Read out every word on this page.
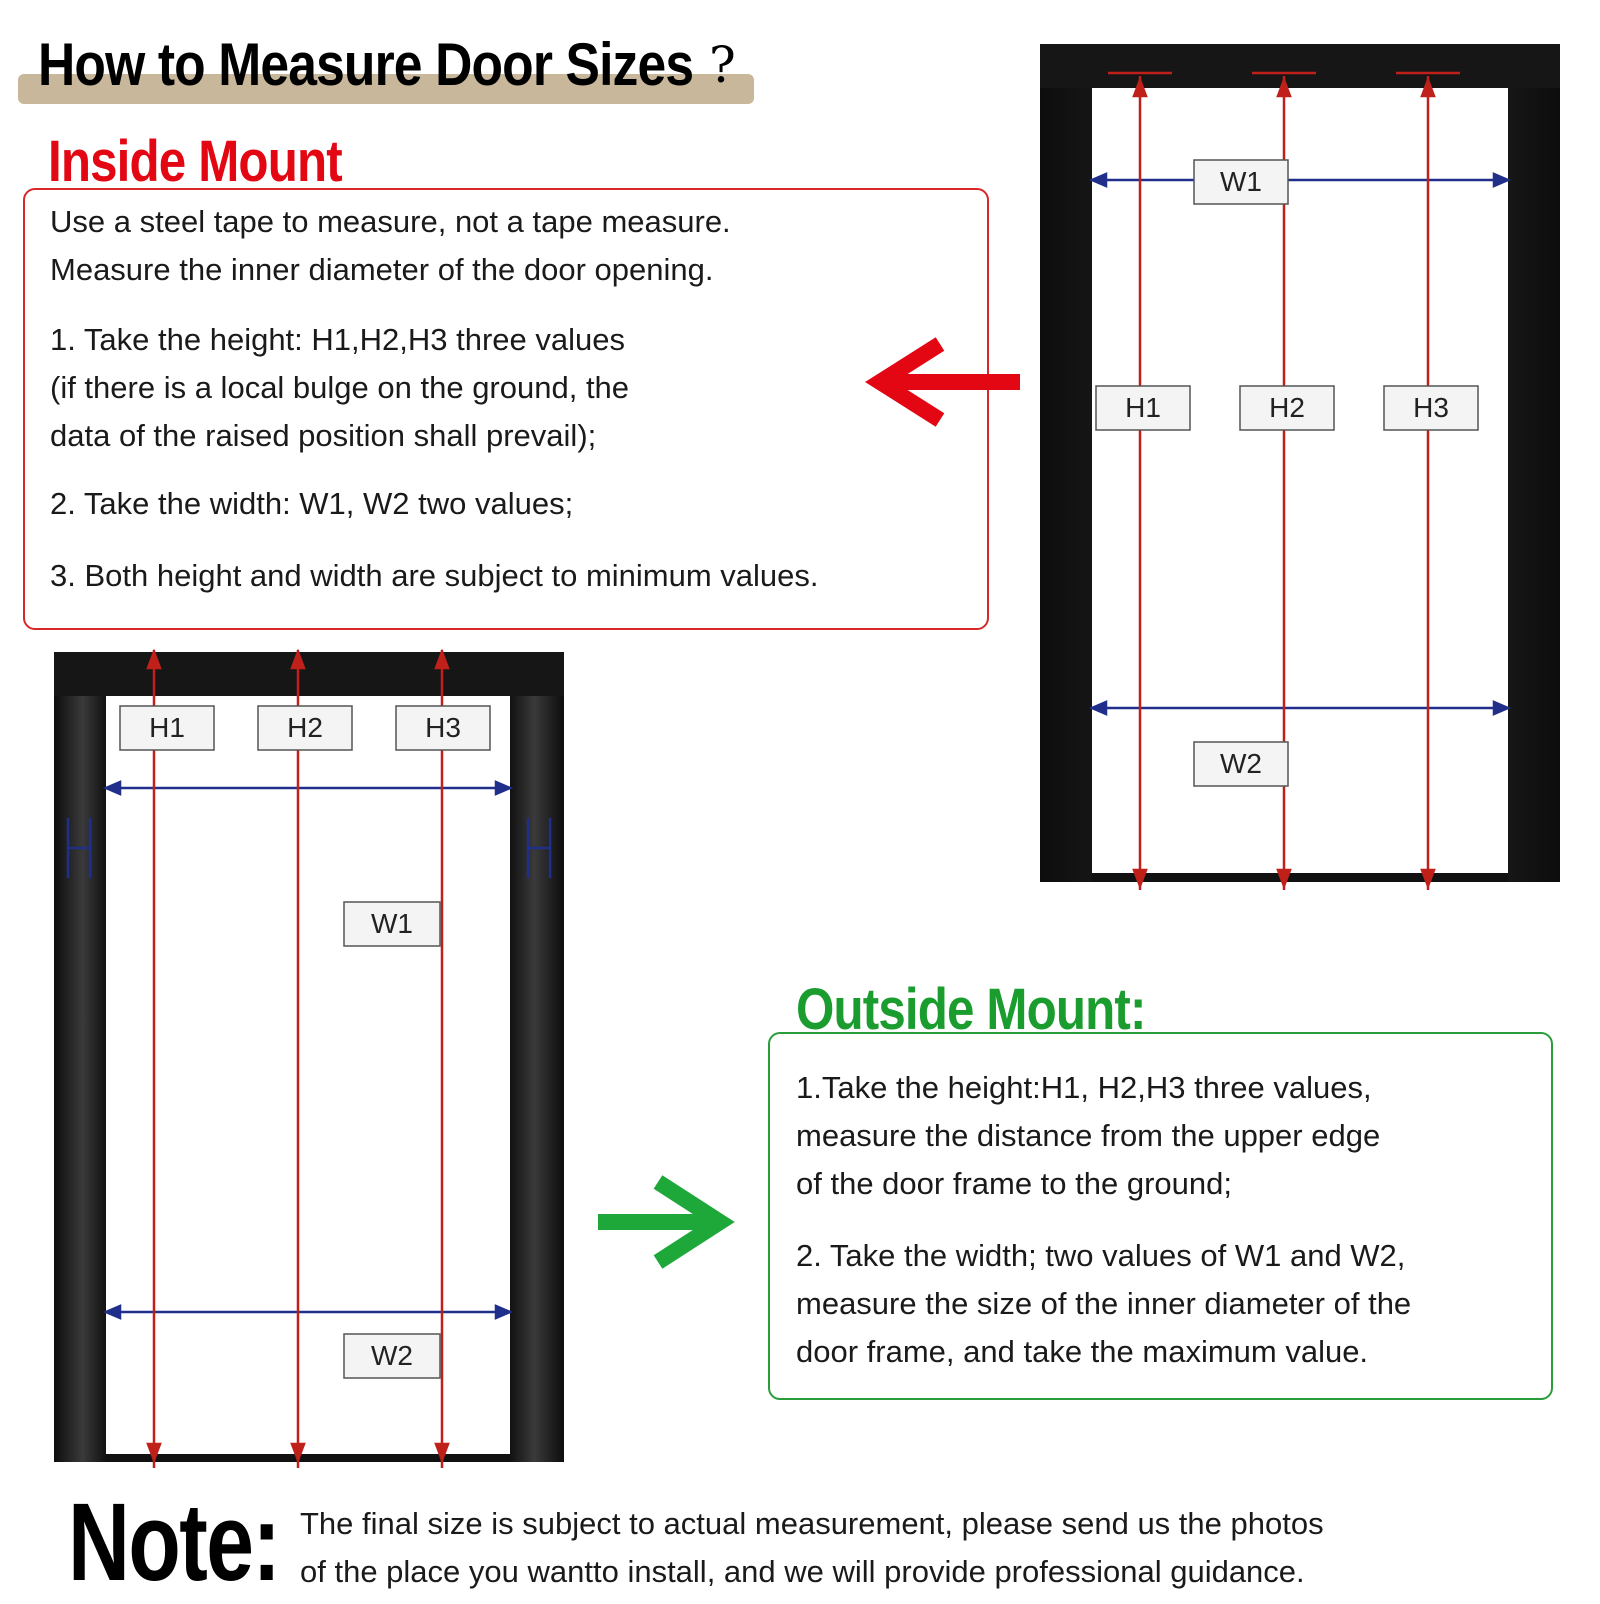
How to Measure Door Sizes ?
Inside Mount
Use a steel tape to measure, not a tape measure.
Measure the inner diameter of the door opening.
1. Take the height: H1,H2,H3 three values
(if there is a local bulge on the ground, the
data of the raised position shall prevail);
2. Take the width: W1, W2 two values;
3. Both height and width are subject to minimum values.
W1
H1	H2	H3
W2
H1	H2	H3
W1
W2
Outside Mount:
1.Take the height:H1, H2,H3 three values,
measure the distance from the upper edge
of the door frame to the ground;
2. Take the width; two values of W1 and W2,
measure the size of the inner diameter of the
door frame, and take the maximum value.
Note: The final size is subject to actual measurement, please send us the photos
of the place you wantto install, and we will provide professional guidance.
